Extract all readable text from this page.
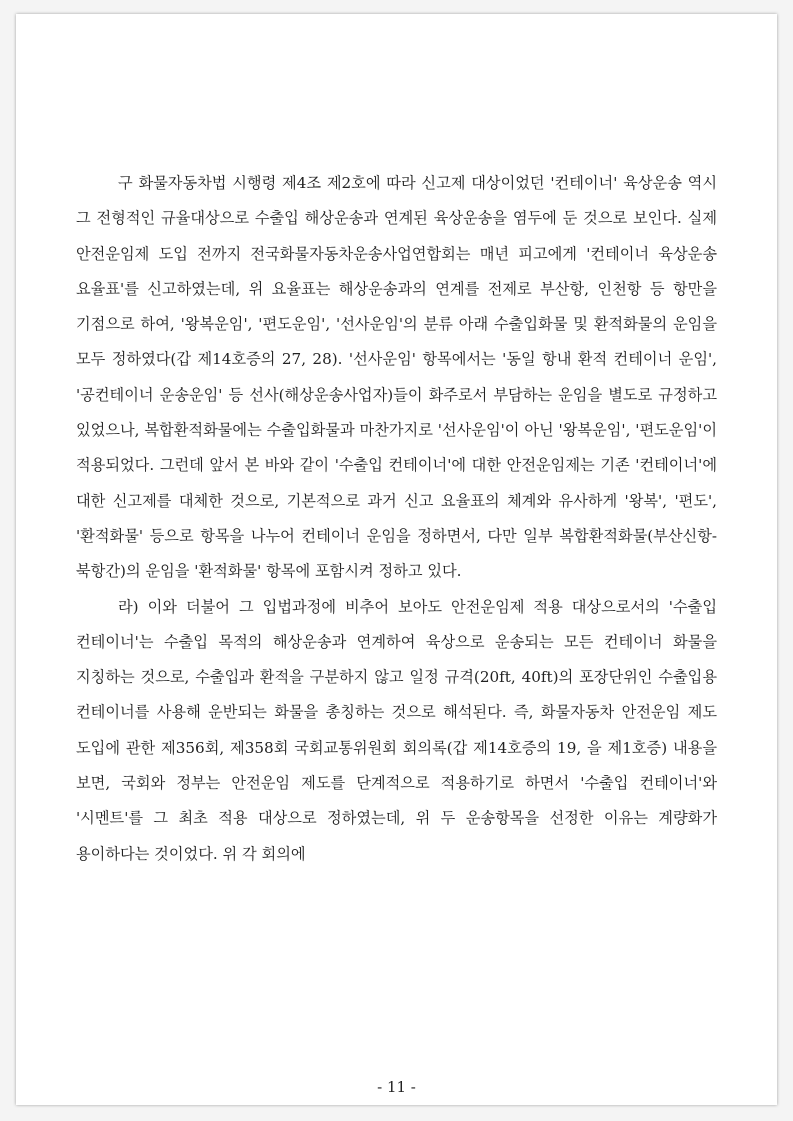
구 화물자동차법 시행령 제4조 제2호에 따라 신고제 대상이었던 '컨테이너' 육상운송 역시 그 전형적인 규율대상으로 수출입 해상운송과 연계된 육상운송을 염두에 둔 것으로 보인다. 실제 안전운임제 도입 전까지 전국화물자동차운송사업연합회는 매년 피고에게 '컨테이너 육상운송 요율표'를 신고하였는데, 위 요율표는 해상운송과의 연계를 전제로 부산항, 인천항 등 항만을 기점으로 하여, '왕복운임', '편도운임', '선사운임'의 분류 아래 수출입화물 및 환적화물의 운임을 모두 정하였다(갑 제14호증의 27, 28). '선사운임' 항목에서는 '동일 항내 환적 컨테이너 운임', '공컨테이너 운송운임' 등 선사(해상운송사업자)들이 화주로서 부담하는 운임을 별도로 규정하고 있었으나, 복합환적화물에는 수출입화물과 마찬가지로 '선사운임'이 아닌 '왕복운임', '편도운임'이 적용되었다. 그런데 앞서 본 바와 같이 '수출입 컨테이너'에 대한 안전운임제는 기존 '컨테이너'에 대한 신고제를 대체한 것으로, 기본적으로 과거 신고 요율표의 체계와 유사하게 '왕복', '편도', '환적화물' 등으로 항목을 나누어 컨테이너 운임을 정하면서, 다만 일부 복합환적화물(부산신항-북항간)의 운임을 '환적화물' 항목에 포함시켜 정하고 있다.

라) 이와 더불어 그 입법과정에 비추어 보아도 안전운임제 적용 대상으로서의 '수출입 컨테이너'는 수출입 목적의 해상운송과 연계하여 육상으로 운송되는 모든 컨테이너 화물을 지칭하는 것으로, 수출입과 환적을 구분하지 않고 일정 규격(20ft, 40ft)의 포장단위인 수출입용 컨테이너를 사용해 운반되는 화물을 총칭하는 것으로 해석된다. 즉, 화물자동차 안전운임 제도 도입에 관한 제356회, 제358회 국회교통위원회 회의록(갑 제14호증의 19, 을 제1호증) 내용을 보면, 국회와 정부는 안전운임 제도를 단계적으로 적용하기로 하면서 '수출입 컨테이너'와 '시멘트'를 그 최초 적용 대상으로 정하였는데, 위 두 운송항목을 선정한 이유는 계량화가 용이하다는 것이었다. 위 각 회의에

- 11 -
